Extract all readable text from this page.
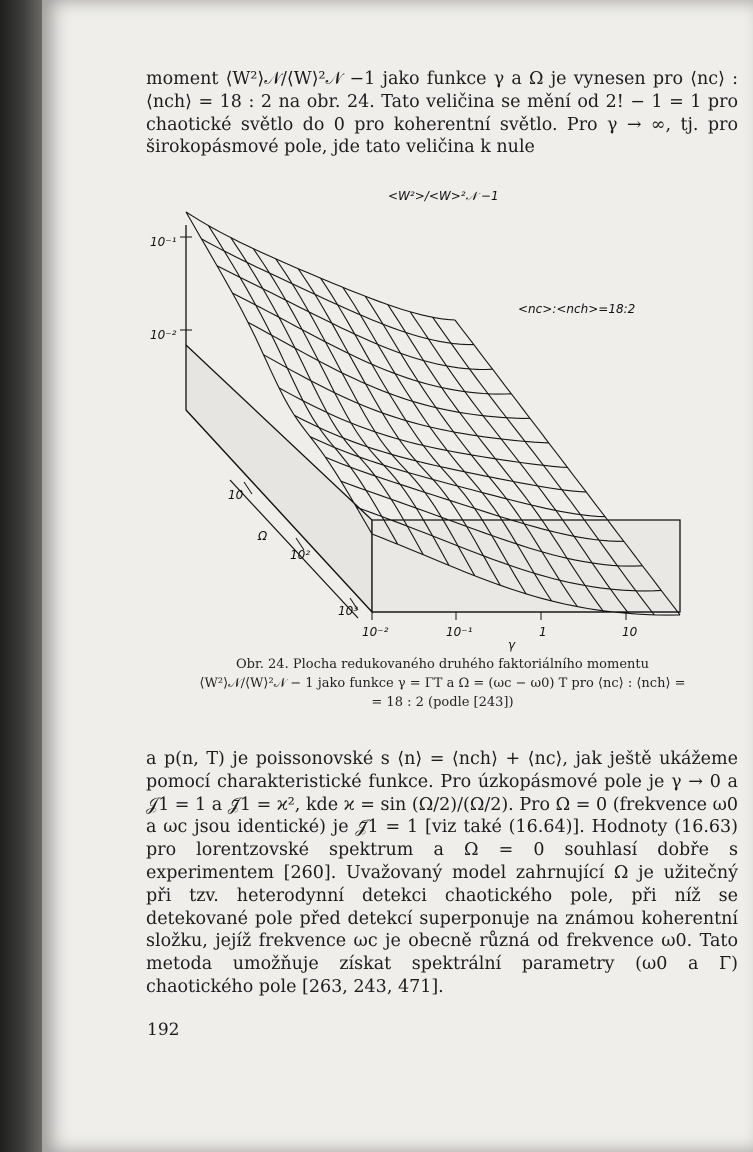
moment ⟨W²⟩𝒩/⟨W⟩²𝒩 −1 jako funkce γ a Ω je vynesen pro ⟨nc⟩ : ⟨nch⟩ = 18 : 2 na obr. 24. Tato veličina se mění od 2! − 1 = 1 pro chaotické světlo do 0 pro koherentní světlo. Pro γ → ∞, tj. pro širokopásmové pole, jde tato veličina k nule

<W²>/<W>²𝒩 −1
10⁻¹
10⁻²
<nc>:<nch>=18:2
10
10²
10³
Ω
10⁻²	10⁻¹	1	10
γ
Obr. 24. Plocha redukovaného druhého faktoriálního momentu
⟨W²⟩𝒩/⟨W⟩²𝒩 − 1 jako funkce γ = ΓT a Ω = (ωc − ω0) T pro ⟨nc⟩ : ⟨nch⟩ =
= 18 : 2 (podle [243])

a p(n, T) je poissonovské s ⟨n⟩ = ⟨nch⟩ + ⟨nc⟩, jak ještě ukážeme pomocí charakteristické funkce. Pro úzkopásmové pole je γ → 0 a 𝒥1 = 1 a 𝒥̄1 = ϰ², kde ϰ = sin (Ω/2)/(Ω/2). Pro Ω = 0 (frekvence ω0 a ωc jsou identické) je 𝒥̄1 = 1 [viz také (16.64)]. Hodnoty (16.63) pro lorentzovské spektrum a Ω = 0 souhlasí dobře s experimentem [260]. Uvažovaný model zahrnující Ω je užitečný při tzv. heterodynní detekci chaotického pole, při níž se detekované pole před detekcí superponuje na známou koherentní složku, jejíž frekvence ωc je obecně různá od frekvence ω0. Tato metoda umožňuje získat spektrální parametry (ω0 a Γ) chaotického pole [263, 243, 471].

192
